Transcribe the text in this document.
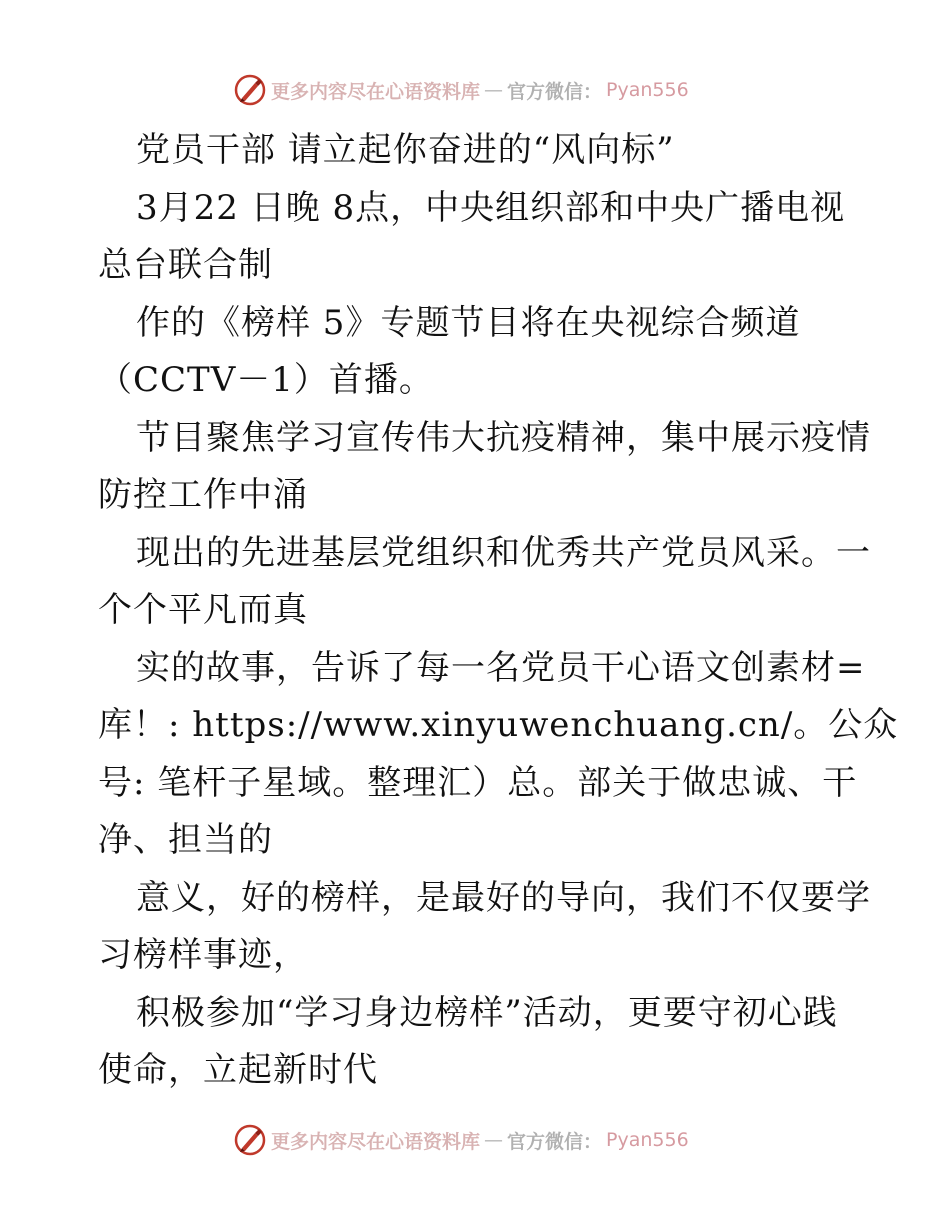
更多内容尽在心语资料库 — 官方微信： Pyan556
党员干部 请立起你奋进的“风向标”
3月22 日晚 8点，中央组织部和中央广播电视
总台联合制
作的《榜样 5》专题节目将在央视综合频道
（CCTV－1）首播。
节目聚焦学习宣传伟大抗疫精神，集中展示疫情
防控工作中涌
现出的先进基层党组织和优秀共产党员风采。一
个个平凡而真
实的故事，告诉了每一名党员干心语文创素材=
库！: https://www.xinyuwenchuang.cn/。公众
号: 笔杆子星域。整理汇）总。部关于做忠诚、干
净、担当的
意义，好的榜样，是最好的导向，我们不仅要学
习榜样事迹，
积极参加“学习身边榜样”活动，更要守初心践
使命，立起新时代
更多内容尽在心语资料库 — 官方微信： Pyan556
